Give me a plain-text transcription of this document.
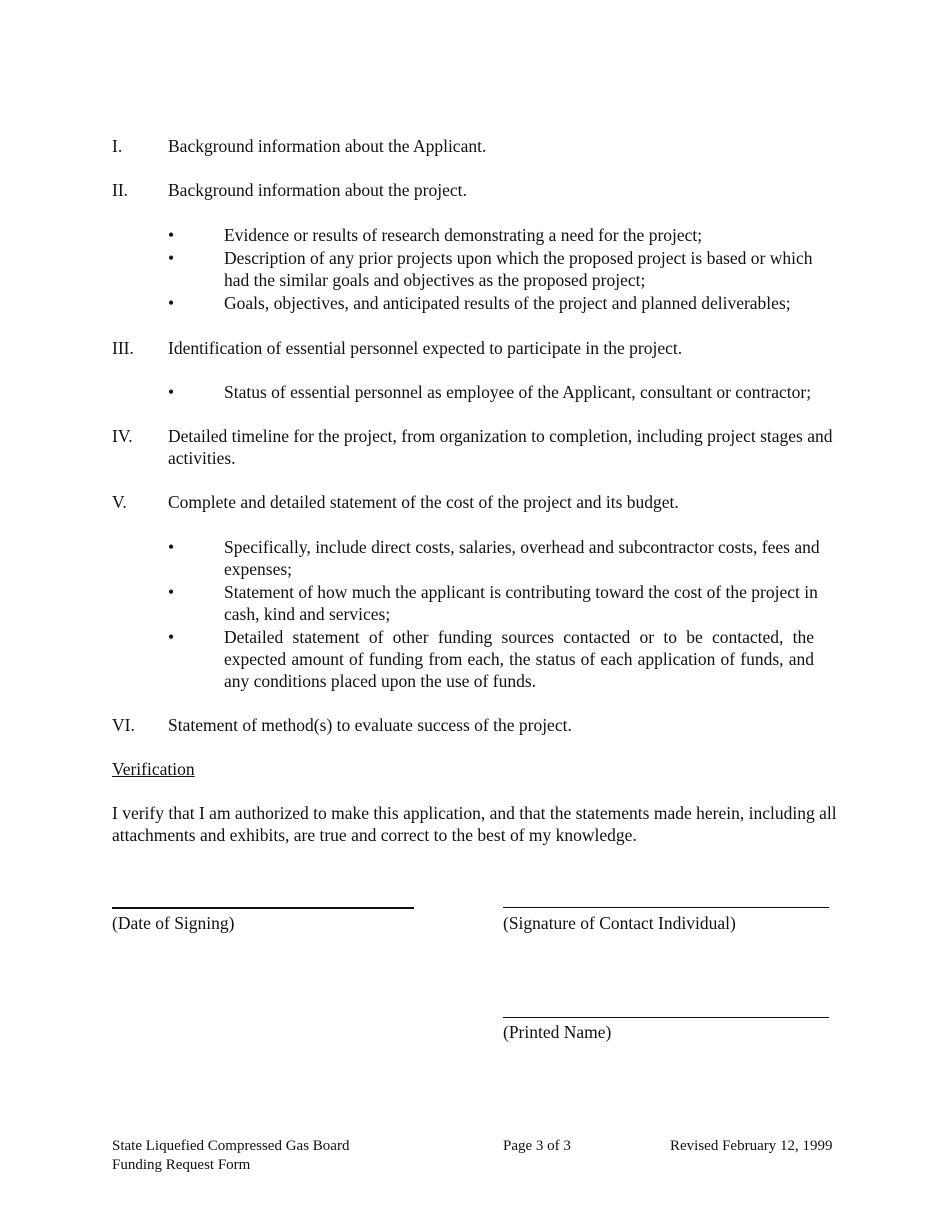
I.	Background information about the Applicant.
II. Background information about the project.
•	Evidence or results of research demonstrating a need for the project;
•	Description of any prior projects upon which the proposed project is based or which had the similar goals and objectives as the proposed project;
•	Goals, objectives, and anticipated results of the project and planned deliverables;
III. Identification of essential personnel expected to participate in the project.
•	Status of essential personnel as employee of the Applicant, consultant or contractor;
IV. Detailed timeline for the project, from organization to completion, including project stages and activities.
V. Complete and detailed statement of the cost of the project and its budget.
•	Specifically, include direct costs, salaries, overhead and subcontractor costs, fees and expenses;
•	Statement of how much the applicant is contributing toward the cost of the project in cash, kind and services;
•	Detailed statement of other funding sources contacted or to be contacted, the expected amount of funding from each, the status of each application of funds, and any conditions placed upon the use of funds.
VI. Statement of method(s) to evaluate success of the project.
Verification
I verify that I am authorized to make this application, and that the statements made herein, including all attachments and exhibits, are true and correct to the best of my knowledge.
(Date of Signing)	(Signature of Contact Individual)
(Printed Name)
State Liquefied Compressed Gas Board
Funding Request Form
Page 3 of 3	Revised February 12, 1999
